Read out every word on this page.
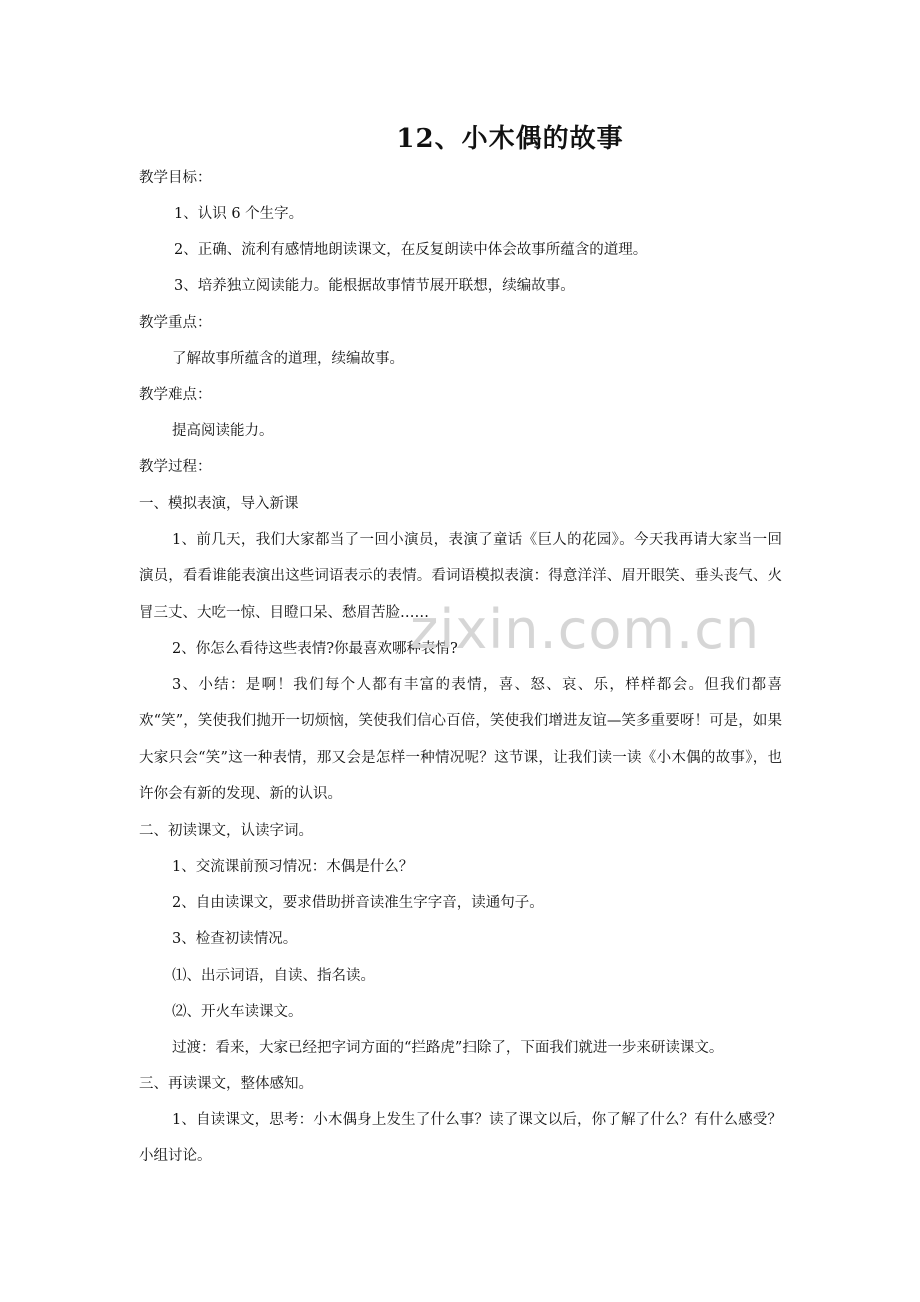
12、小木偶的故事
教学目标：
1、认识 6 个生字。
2、正确、流利有感情地朗读课文，在反复朗读中体会故事所蕴含的道理。
3、培养独立阅读能力。能根据故事情节展开联想，续编故事。
教学重点：
了解故事所蕴含的道理，续编故事。
教学难点：
提高阅读能力。
教学过程：
一、模拟表演，导入新课
1、前几天，我们大家都当了一回小演员，表演了童话《巨人的花园》。今天我再请大家当一回演员，看看谁能表演出这些词语表示的表情。看词语模拟表演：得意洋洋、眉开眼笑、垂头丧气、火冒三丈、大吃一惊、目瞪口呆、愁眉苦脸……
2、你怎么看待这些表情?你最喜欢哪种表情?
3、小结：是啊！我们每个人都有丰富的表情，喜、怒、哀、乐，样样都会。但我们都喜欢“笑”，笑使我们抛开一切烦恼，笑使我们信心百倍，笑使我们增进友谊—笑多重要呀！可是，如果大家只会“笑”这一种表情，那又会是怎样一种情况呢？这节课，让我们读一读《小木偶的故事》，也许你会有新的发现、新的认识。
二、初读课文，认读字词。
1、交流课前预习情况：木偶是什么？
2、自由读课文，要求借助拼音读准生字字音，读通句子。
3、检查初读情况。
⑴、出示词语，自读、指名读。
⑵、开火车读课文。
过渡：看来，大家已经把字词方面的“拦路虎”扫除了，下面我们就进一步来研读课文。
三、再读课文，整体感知。
1、自读课文，思考：小木偶身上发生了什么事？读了课文以后，你了解了什么？有什么感受？小组讨论。
zixin.com.cn
